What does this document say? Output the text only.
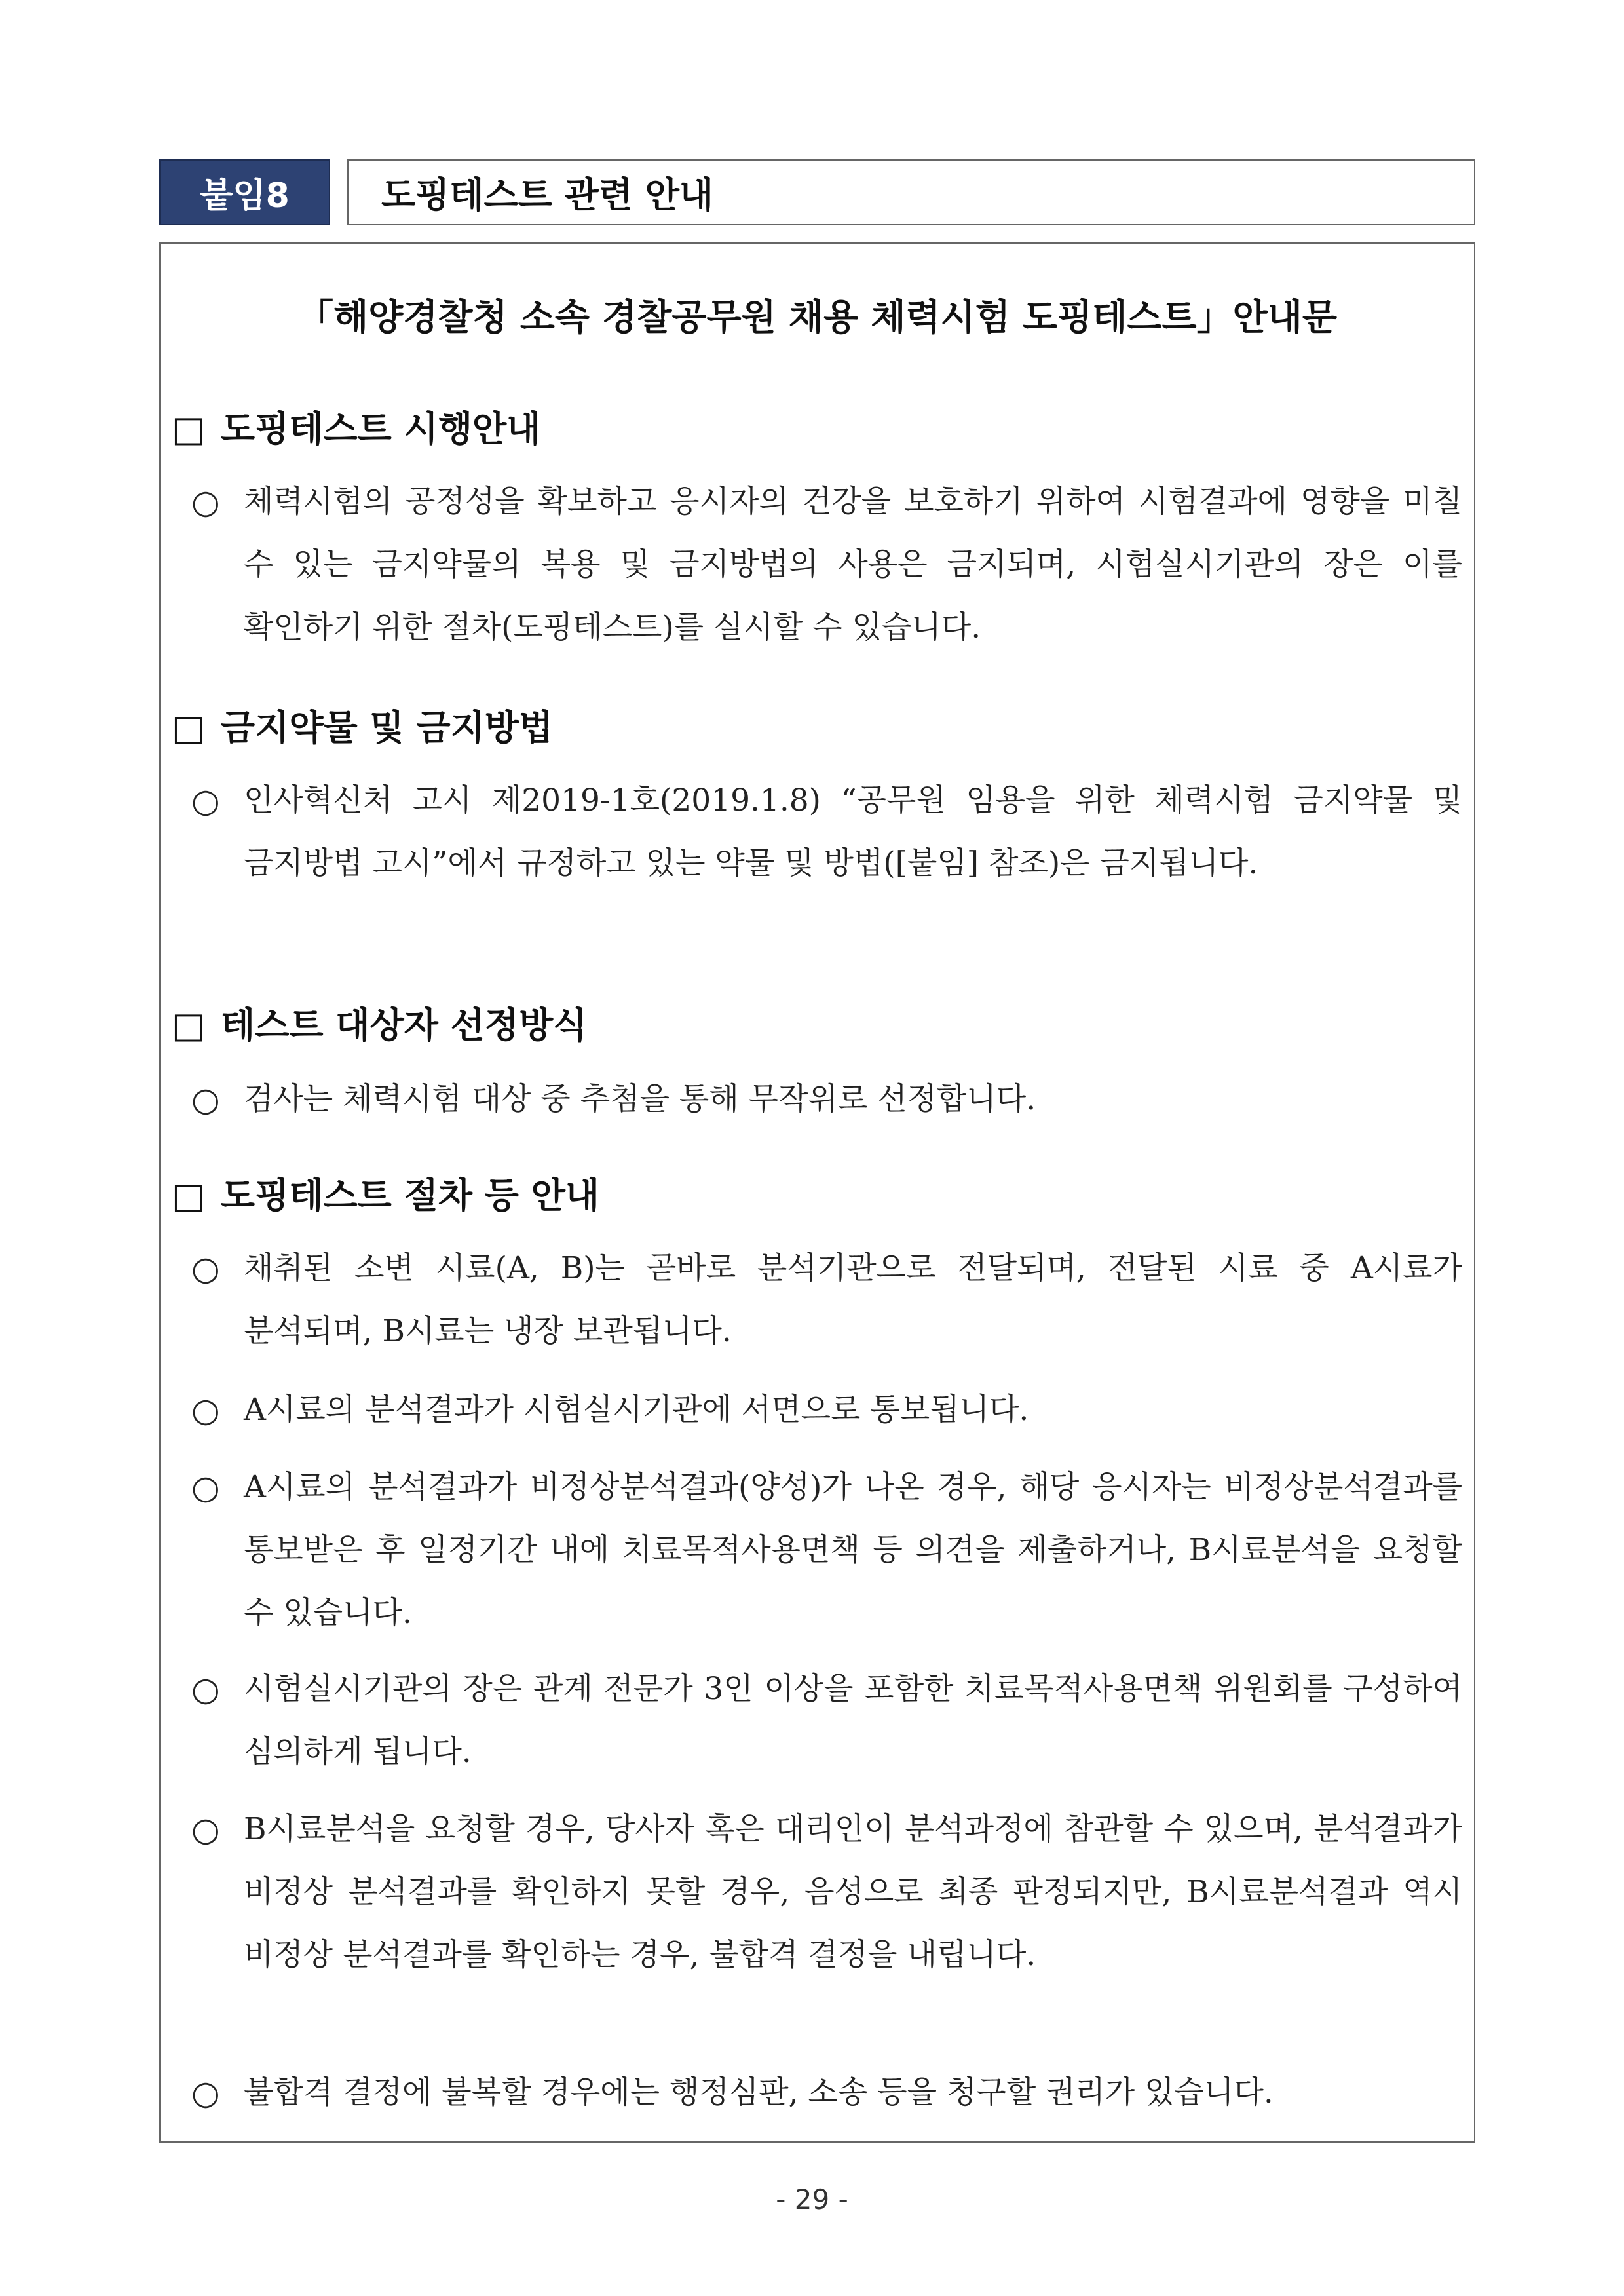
붙임8	도핑테스트 관련 안내
「해양경찰청 소속 경찰공무원 채용 체력시험 도핑테스트」안내문
□ 도핑테스트 시행안내
○ 체력시험의 공정성을 확보하고 응시자의 건강을 보호하기 위하여 시험결과에 영향을 미칠 수 있는 금지약물의 복용 및 금지방법의 사용은 금지되며, 시험실시기관의 장은 이를 확인하기 위한 절차(도핑테스트)를 실시할 수 있습니다.
□ 금지약물 및 금지방법
○ 인사혁신처 고시 제2019-1호(2019.1.8) “공무원 임용을 위한 체력시험 금지약물 및 금지방법 고시”에서 규정하고 있는 약물 및 방법([붙임] 참조)은 금지됩니다.
□ 테스트 대상자 선정방식
○ 검사는 체력시험 대상 중 추첨을 통해 무작위로 선정합니다.
□ 도핑테스트 절차 등 안내
○ 채취된 소변 시료(A, B)는 곧바로 분석기관으로 전달되며, 전달된 시료 중 A시료가 분석되며, B시료는 냉장 보관됩니다.
○ A시료의 분석결과가 시험실시기관에 서면으로 통보됩니다.
○ A시료의 분석결과가 비정상분석결과(양성)가 나온 경우, 해당 응시자는 비정상분석결과를 통보받은 후 일정기간 내에 치료목적사용면책 등 의견을 제출하거나, B시료분석을 요청할 수 있습니다.
○ 시험실시기관의 장은 관계 전문가 3인 이상을 포함한 치료목적사용면책 위원회를 구성하여 심의하게 됩니다.
○ B시료분석을 요청할 경우, 당사자 혹은 대리인이 분석과정에 참관할 수 있으며, 분석결과가 비정상 분석결과를 확인하지 못할 경우, 음성으로 최종 판정되지만, B시료분석결과 역시 비정상 분석결과를 확인하는 경우, 불합격 결정을 내립니다.
○ 불합격 결정에 불복할 경우에는 행정심판, 소송 등을 청구할 권리가 있습니다.
- 29 -
